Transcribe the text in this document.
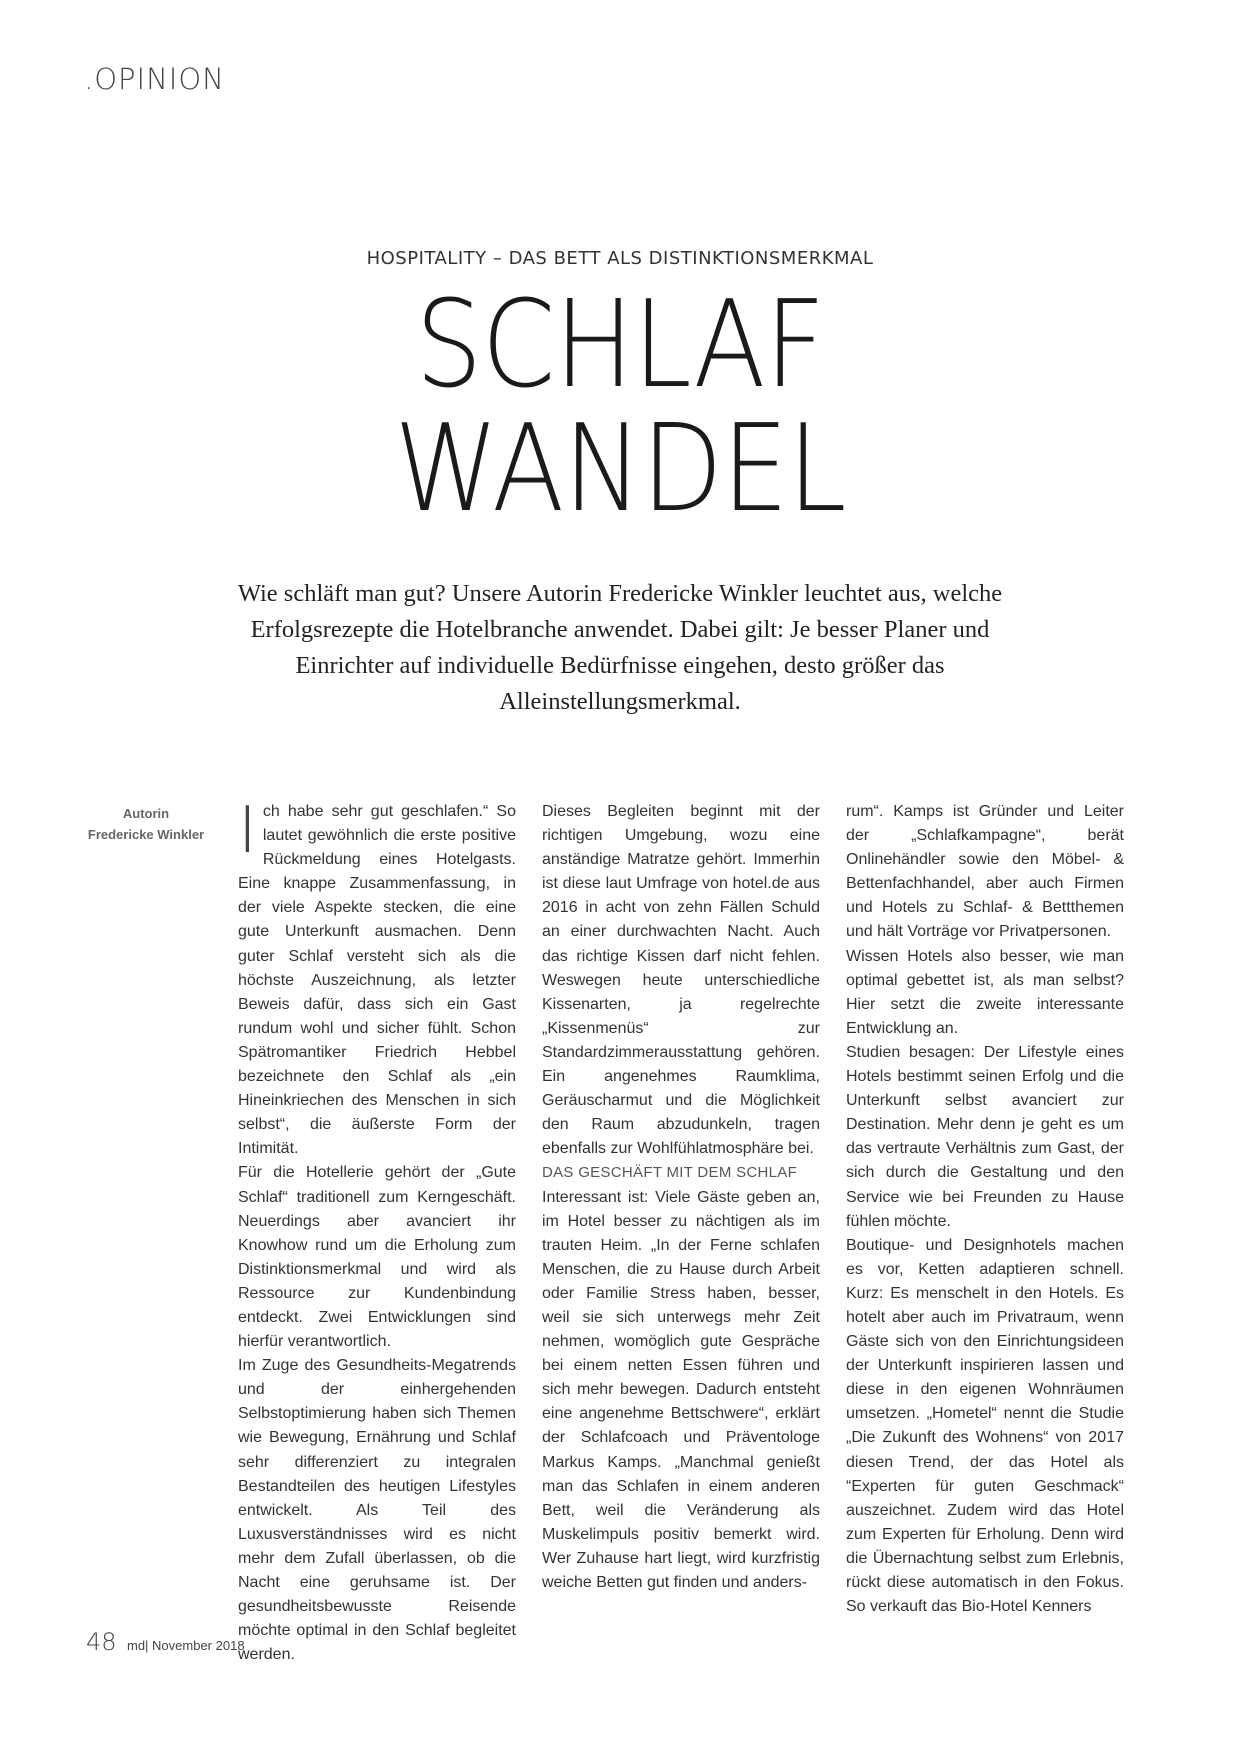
.OPINION
HOSPITALITY – DAS BETT ALS DISTINKTIONSMERKMAL
SCHLAF
WANDEL
Wie schläft man gut? Unsere Autorin Fredericke Winkler leuchtet aus, welche Erfolgsrezepte die Hotelbranche anwendet. Dabei gilt: Je besser Planer und Einrichter auf individuelle Bedürfnisse eingehen, desto größer das Alleinstellungsmerkmal.
Autorin
Fredericke Winkler Ich habe sehr gut geschlafen.“ So lautet gewöhnlich die erste positive Rückmeldung eines Hotelgasts. Eine knappe Zusammenfassung, in der viele Aspekte stecken, die eine gute Unterkunft ausmachen. Denn guter Schlaf versteht sich als die höchste Auszeichnung, als letzter Beweis dafür, dass sich ein Gast rundum wohl und sicher fühlt. Schon Spätromantiker Friedrich Hebbel bezeichnete den Schlaf als „ein Hineinkriechen des Menschen in sich selbst“, die äußerste Form der Intimität.

Für die Hotellerie gehört der „Gute Schlaf“ traditionell zum Kerngeschäft. Neuerdings aber avanciert ihr Knowhow rund um die Erholung zum Distinktionsmerkmal und wird als Ressource zur Kundenbindung entdeckt. Zwei Entwicklungen sind hierfür verantwortlich.

Im Zuge des Gesundheits-Megatrends und der einhergehenden Selbstoptimierung haben sich Themen wie Bewegung, Ernährung und Schlaf sehr differenziert zu integralen Bestandteilen des heutigen Lifestyles entwickelt. Als Teil des Luxusverständnisses wird es nicht mehr dem Zufall überlassen, ob die Nacht eine geruhsame ist. Der gesundheitsbewusste Reisende möchte optimal in den Schlaf begleitet werden.

Dieses Begleiten beginnt mit der richtigen Umgebung, wozu eine anständige Matratze gehört. Immerhin ist diese laut Umfrage von hotel.de aus 2016 in acht von zehn Fällen Schuld an einer durchwachten Nacht. Auch das richtige Kissen darf nicht fehlen. Weswegen heute unterschiedliche Kissenarten, ja regelrechte „Kissenmenüs“ zur Standardzimmerausstattung gehören. Ein angenehmes Raumklima, Geräuscharmut und die Möglichkeit den Raum abzudunkeln, tragen ebenfalls zur Wohlfühlatmosphäre bei.

DAS GESCHÄFT MIT DEM SCHLAF

Interessant ist: Viele Gäste geben an, im Hotel besser zu nächtigen als im trauten Heim. „In der Ferne schlafen Menschen, die zu Hause durch Arbeit oder Familie Stress haben, besser, weil sie sich unterwegs mehr Zeit nehmen, womöglich gute Gespräche bei einem netten Essen führen und sich mehr bewegen. Dadurch entsteht eine angenehme Bettschwere“, erklärt der Schlafcoach und Präventologe Markus Kamps. „Manchmal genießt man das Schlafen in einem anderen Bett, weil die Veränderung als Muskelimpuls positiv bemerkt wird. Wer Zuhause hart liegt, wird kurzfristig weiche Betten gut finden und anders-

rum“. Kamps ist Gründer und Leiter der „Schlafkampagne“, berät Onlinehändler sowie den Möbel- & Bettenfachhandel, aber auch Firmen und Hotels zu Schlaf- & Bettthemen und hält Vorträge vor Privatpersonen.

Wissen Hotels also besser, wie man optimal gebettet ist, als man selbst? Hier setzt die zweite interessante Entwicklung an.

Studien besagen: Der Lifestyle eines Hotels bestimmt seinen Erfolg und die Unterkunft selbst avanciert zur Destination. Mehr denn je geht es um das vertraute Verhältnis zum Gast, der sich durch die Gestaltung und den Service wie bei Freunden zu Hause fühlen möchte.

Boutique- und Designhotels machen es vor, Ketten adaptieren schnell. Kurz: Es menschelt in den Hotels. Es hotelt aber auch im Privatraum, wenn Gäste sich von den Einrichtungsideen der Unterkunft inspirieren lassen und diese in den eigenen Wohnräumen umsetzen. „Hometel“ nennt die Studie „Die Zukunft des Wohnens“ von 2017 diesen Trend, der das Hotel als “Experten für guten Geschmack“ auszeichnet. Zudem wird das Hotel zum Experten für Erholung. Denn wird die Übernachtung selbst zum Erlebnis, rückt diese automatisch in den Fokus. So verkauft das Bio-Hotel Kenners

48 md| November 2018
